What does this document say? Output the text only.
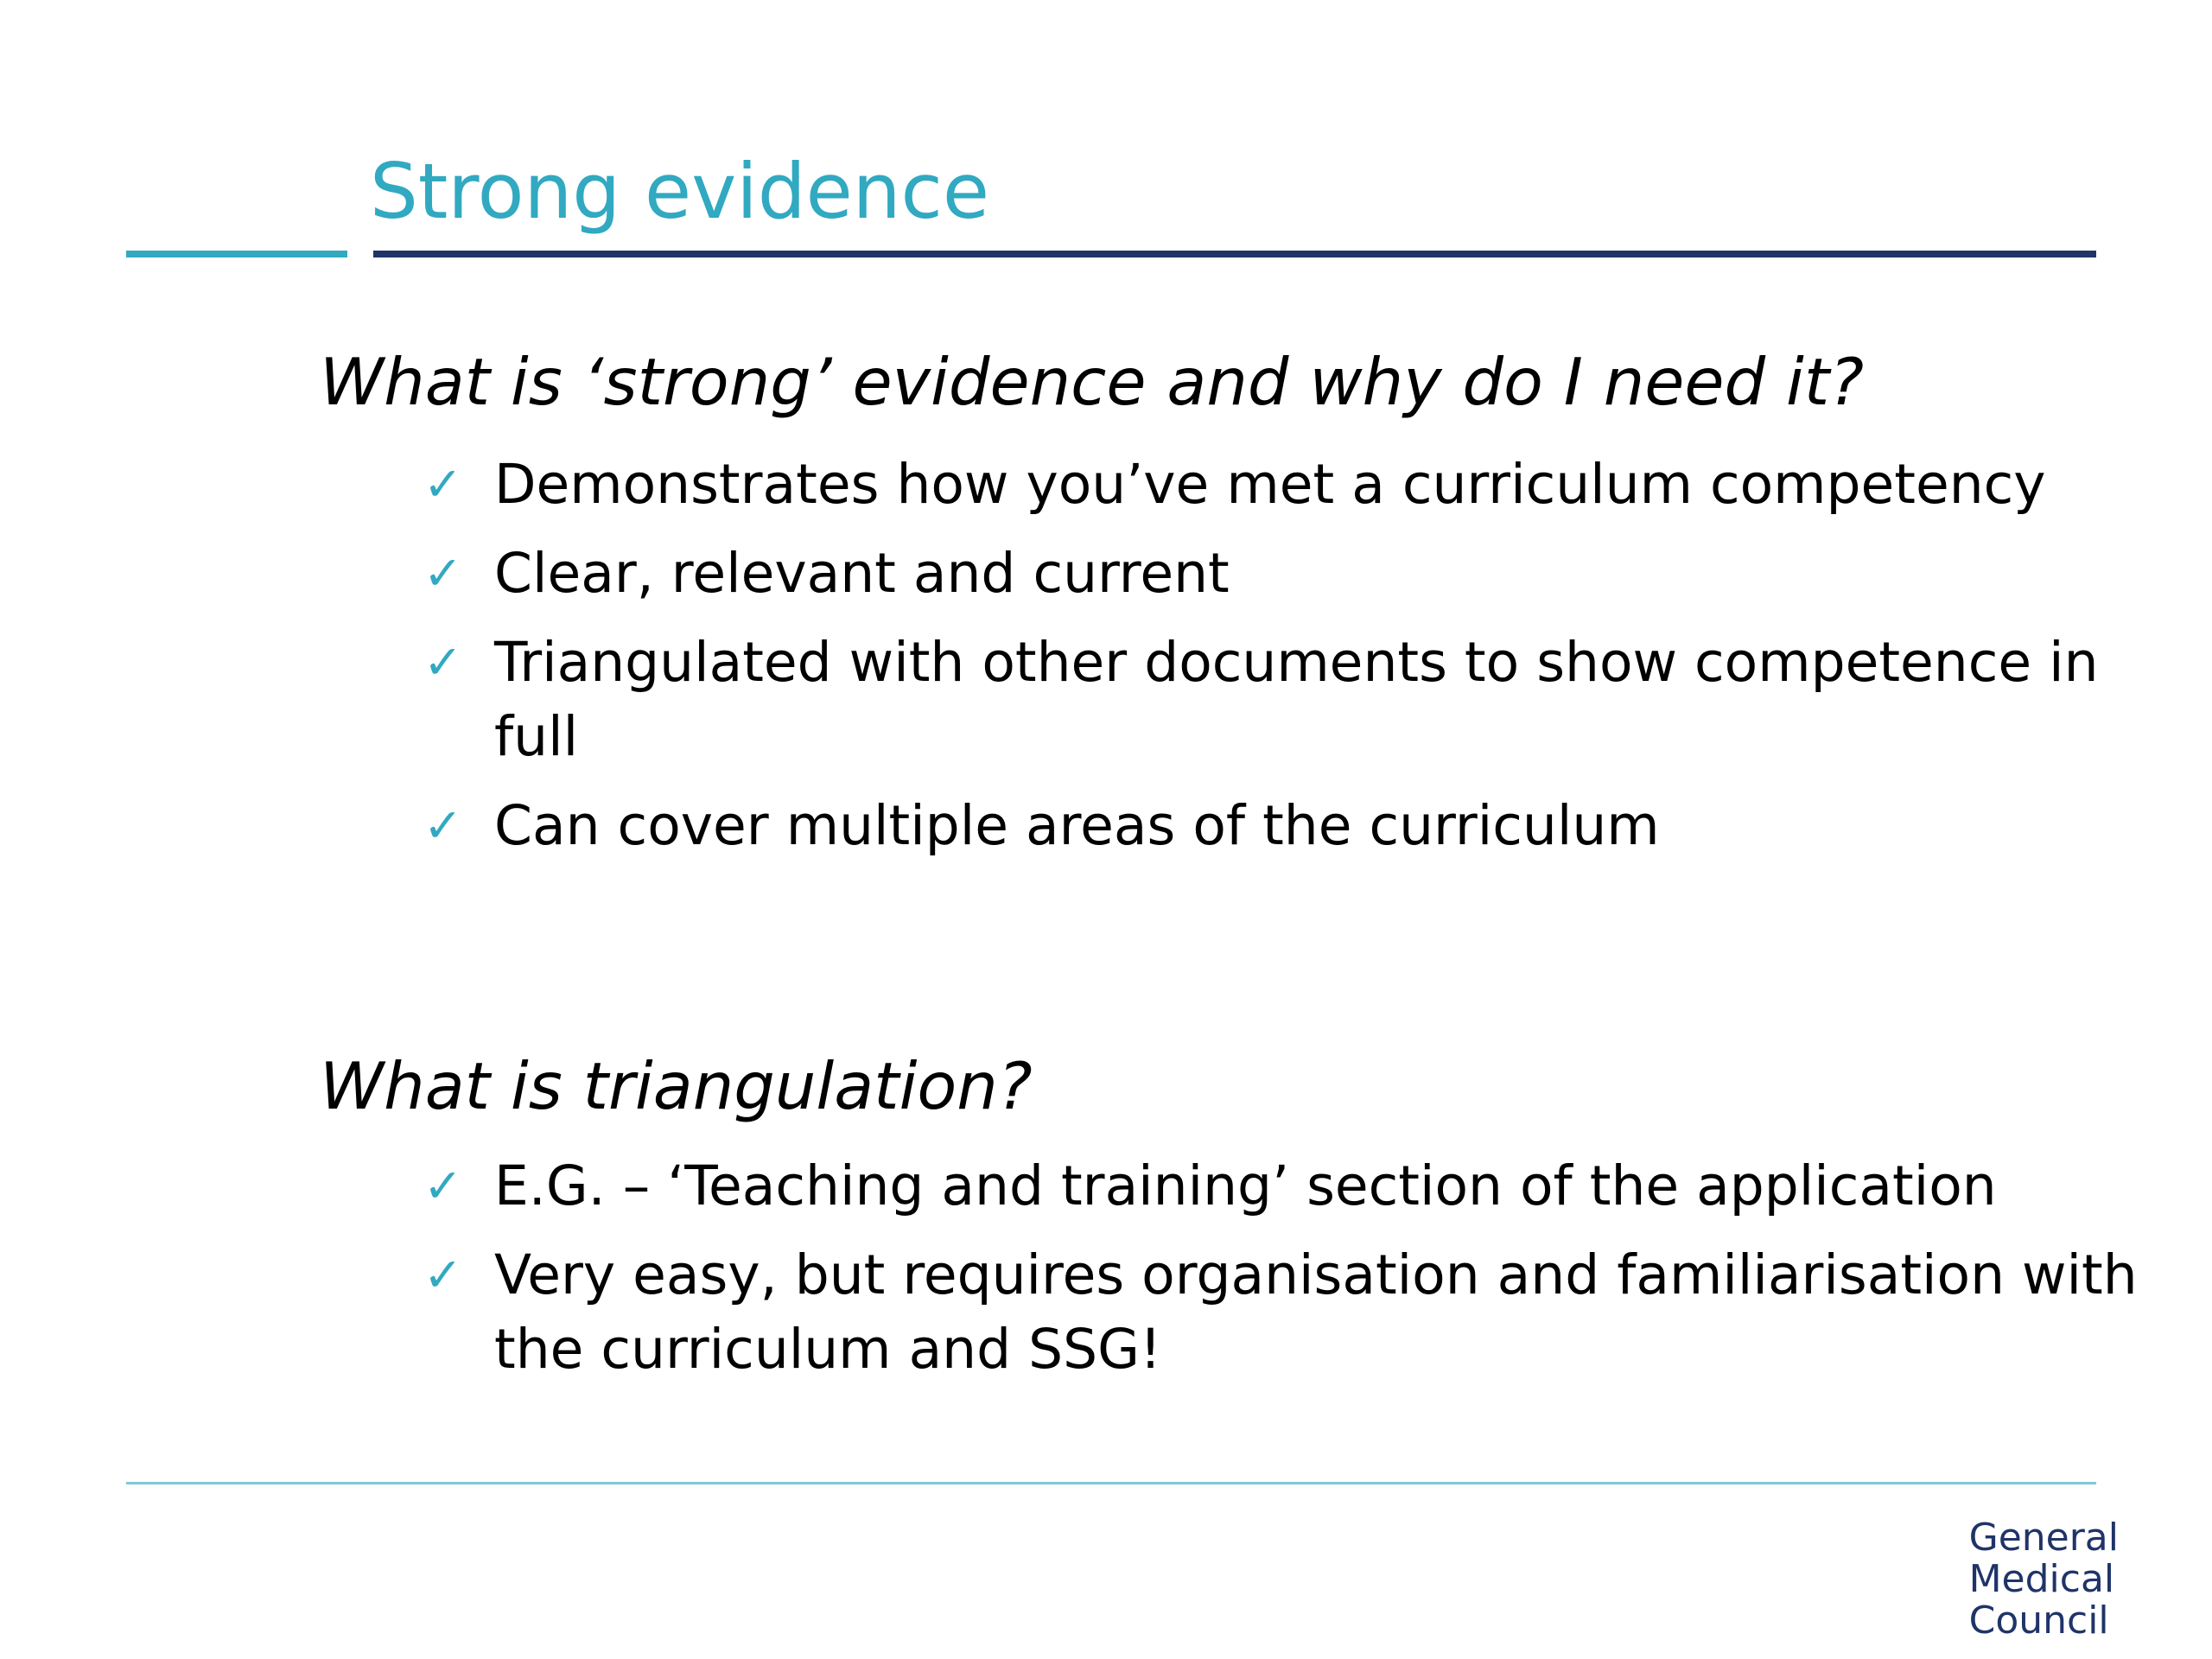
Strong evidence
What is ‘strong’ evidence and why do I need it?
✓ Demonstrates how you’ve met a curriculum competency
✓ Clear, relevant and current
✓ Triangulated with other documents to show competence in full
✓ Can cover multiple areas of the curriculum
What is triangulation?
✓ E.G. – ‘Teaching and training’ section of the application
✓ Very easy, but requires organisation and familiarisation with the curriculum and SSG!
General
Medical
Council
